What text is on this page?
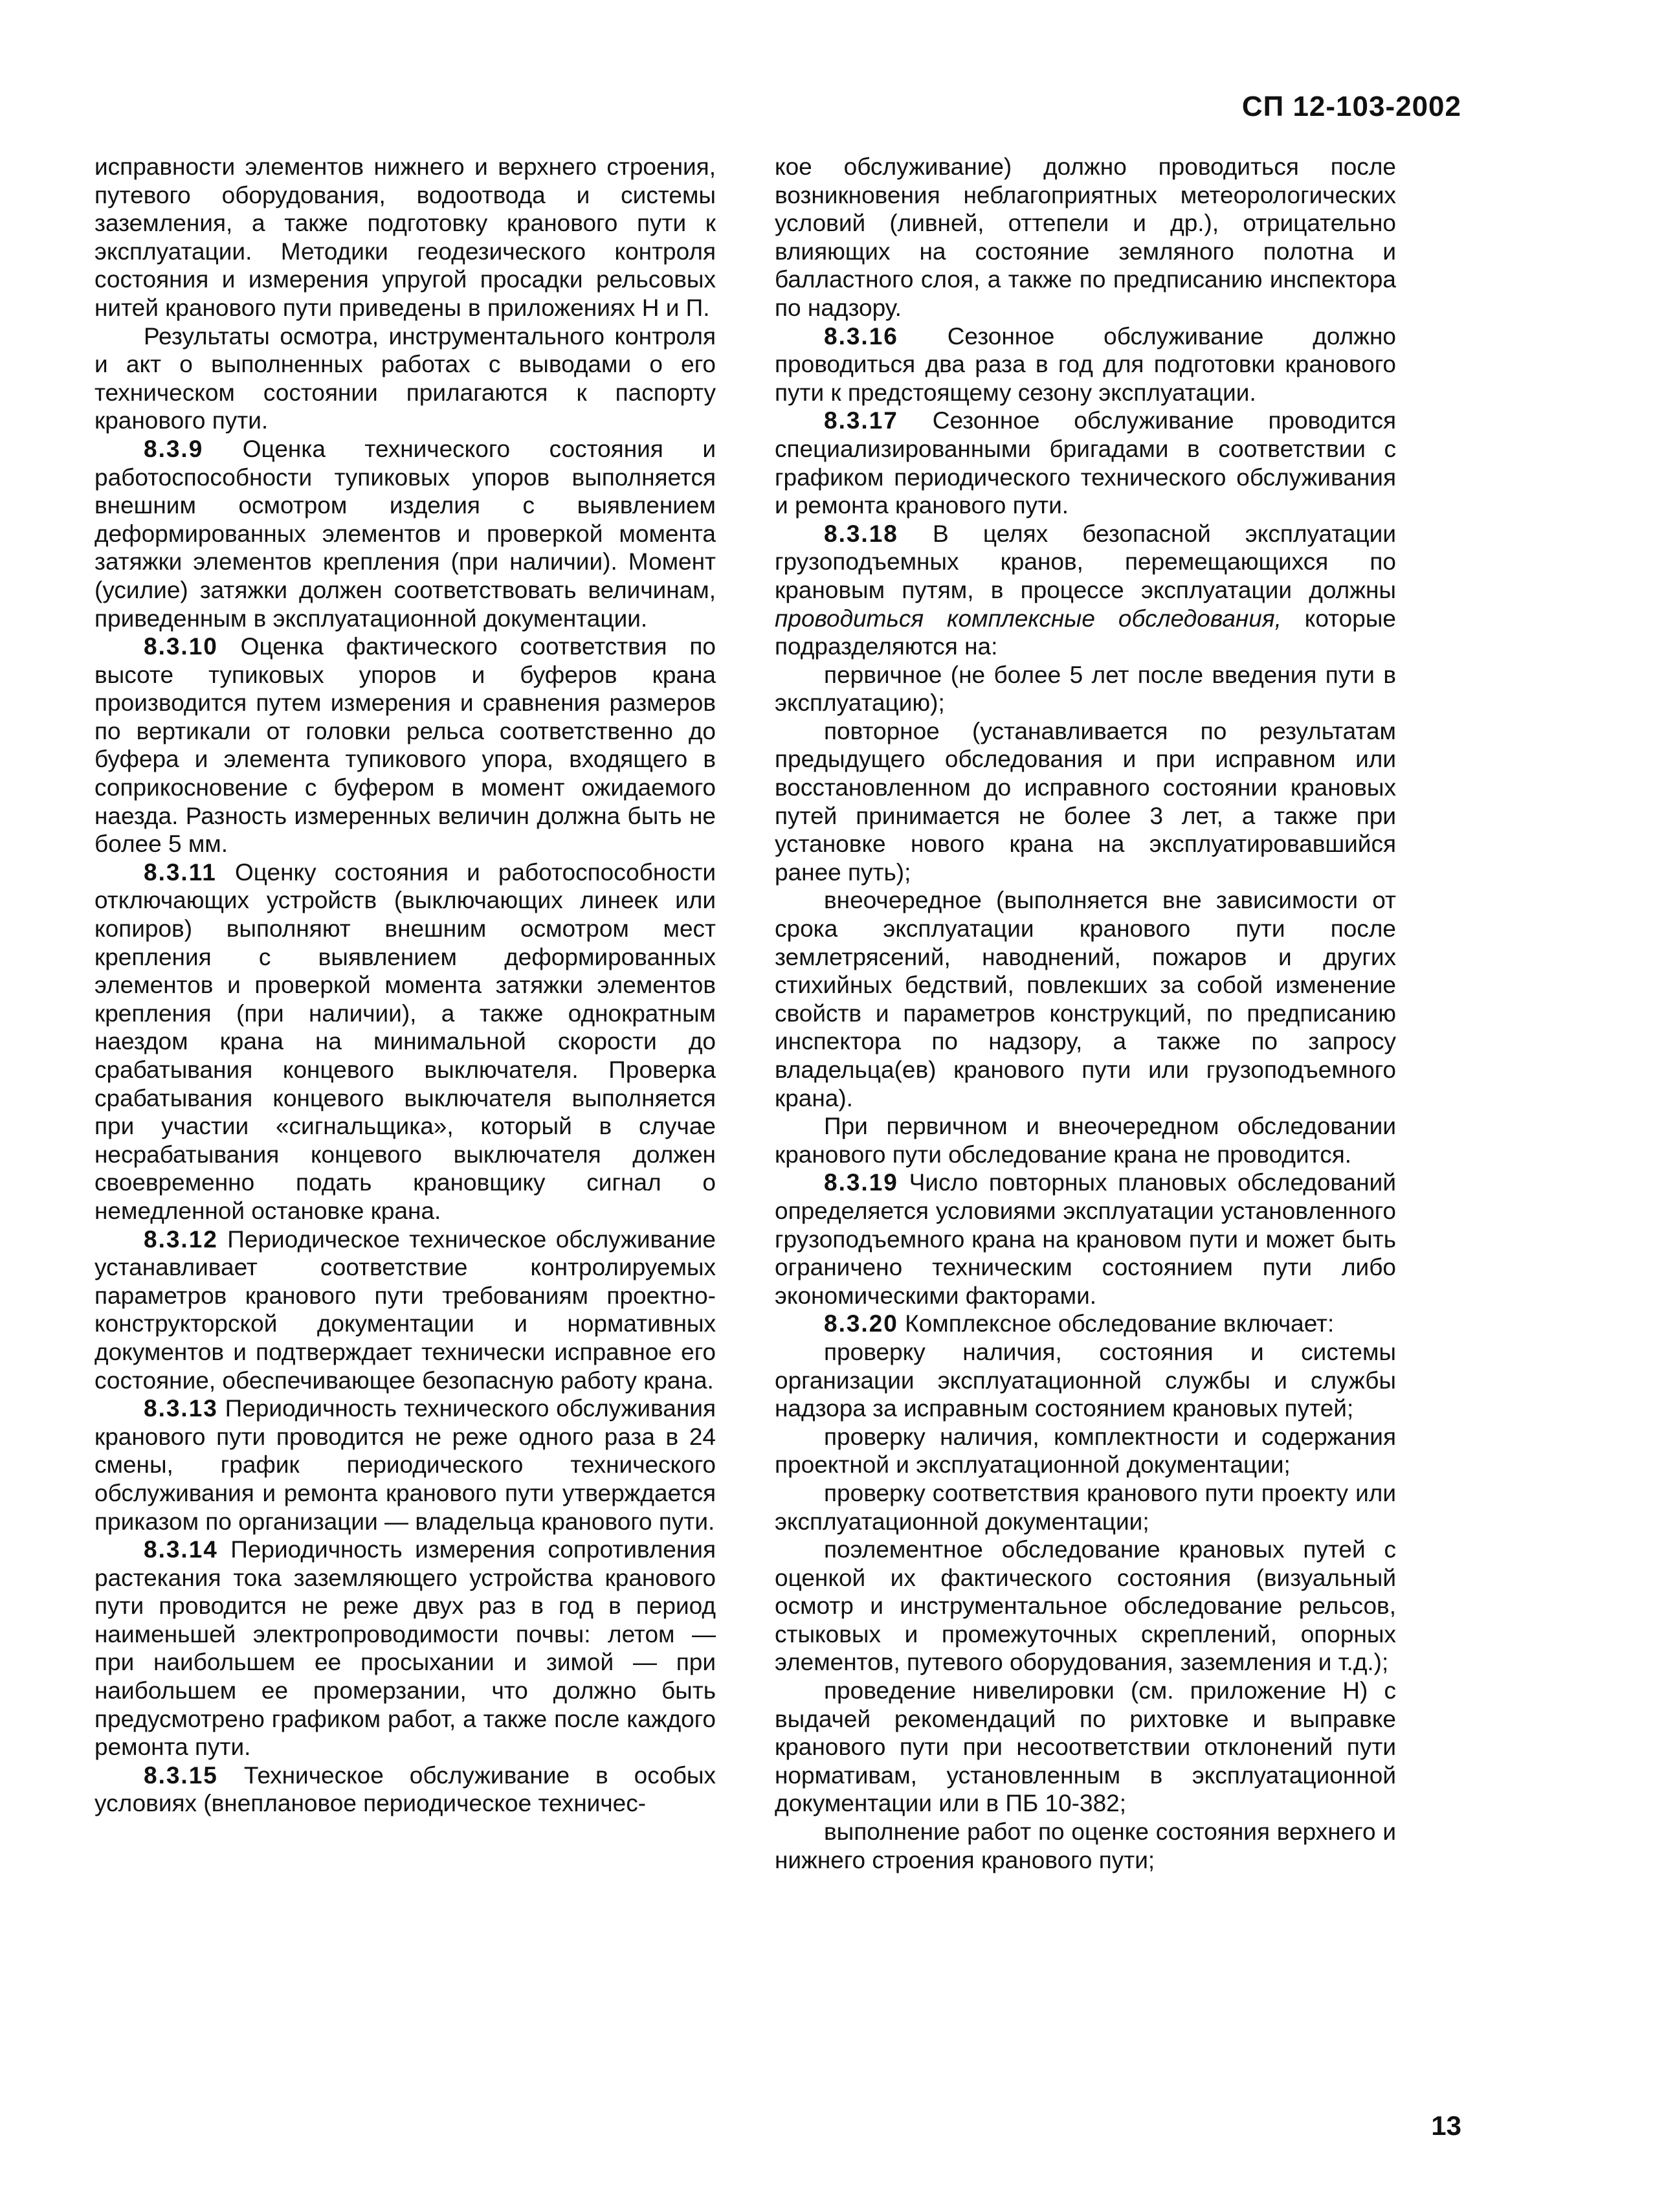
СП 12-103-2002

исправности элементов нижнего и верхнего строения, путевого оборудования, водоотвода и системы заземления, а также подготовку кранового пути к эксплуатации. Методики геодезического контроля состояния и измерения упругой просадки рельсовых нитей кранового пути приведены в приложениях Н и П.

Результаты осмотра, инструментального контроля и акт о выполненных работах с выводами о его техническом состоянии прилагаются к паспорту кранового пути.

8.3.9 Оценка технического состояния и работоспособности тупиковых упоров выполняется внешним осмотром изделия с выявлением деформированных элементов и проверкой момента затяжки элементов крепления (при наличии). Момент (усилие) затяжки должен соответствовать величинам, приведенным в эксплуатационной документации.

8.3.10 Оценка фактического соответствия по высоте тупиковых упоров и буферов крана производится путем измерения и сравнения размеров по вертикали от головки рельса соответственно до буфера и элемента тупикового упора, входящего в соприкосновение с буфером в момент ожидаемого наезда. Разность измеренных величин должна быть не более 5 мм.

8.3.11 Оценку состояния и работоспособности отключающих устройств (выключающих линеек или копиров) выполняют внешним осмотром мест крепления с выявлением деформированных элементов и проверкой момента затяжки элементов крепления (при наличии), а также однократным наездом крана на минимальной скорости до срабатывания концевого выключателя. Проверка срабатывания концевого выключателя выполняется при участии «сигнальщика», который в случае несрабатывания концевого выключателя должен своевременно подать крановщику сигнал о немедленной остановке крана.

8.3.12 Периодическое техническое обслуживание устанавливает соответствие контролируемых параметров кранового пути требованиям проектно-конструкторской документации и нормативных документов и подтверждает технически исправное его состояние, обеспечивающее безопасную работу крана.

8.3.13 Периодичность технического обслуживания кранового пути проводится не реже одного раза в 24 смены, график периодического технического обслуживания и ремонта кранового пути утверждается приказом по организации — владельца кранового пути.

8.3.14 Периодичность измерения сопротивления растекания тока заземляющего устройства кранового пути проводится не реже двух раз в год в период наименьшей электропроводимости почвы: летом — при наибольшем ее просыхании и зимой — при наибольшем ее промерзании, что должно быть предусмотрено графиком работ, а также после каждого ремонта пути.

8.3.15 Техническое обслуживание в особых условиях (внеплановое периодическое техничес-

кое обслуживание) должно проводиться после возникновения неблагоприятных метеорологических условий (ливней, оттепели и др.), отрицательно влияющих на состояние земляного полотна и балластного слоя, а также по предписанию инспектора по надзору.

8.3.16 Сезонное обслуживание должно проводиться два раза в год для подготовки кранового пути к предстоящему сезону эксплуатации.

8.3.17 Сезонное обслуживание проводится специализированными бригадами в соответствии с графиком периодического технического обслуживания и ремонта кранового пути.

8.3.18 В целях безопасной эксплуатации грузоподъемных кранов, перемещающихся по крановым путям, в процессе эксплуатации должны проводиться комплексные обследования, которые подразделяются на:

первичное (не более 5 лет после введения пути в эксплуатацию);

повторное (устанавливается по результатам предыдущего обследования и при исправном или восстановленном до исправного состоянии крановых путей принимается не более 3 лет, а также при установке нового крана на эксплуатировавшийся ранее путь);

внеочередное (выполняется вне зависимости от срока эксплуатации кранового пути после землетрясений, наводнений, пожаров и других стихийных бедствий, повлекших за собой изменение свойств и параметров конструкций, по предписанию инспектора по надзору, а также по запросу владельца(ев) кранового пути или грузоподъемного крана).

При первичном и внеочередном обследовании кранового пути обследование крана не проводится.

8.3.19 Число повторных плановых обследований определяется условиями эксплуатации установленного грузоподъемного крана на крановом пути и может быть ограничено техническим состоянием пути либо экономическими факторами.

8.3.20 Комплексное обследование включает:

проверку наличия, состояния и системы организации эксплуатационной службы и службы надзора за исправным состоянием крановых путей;

проверку наличия, комплектности и содержания проектной и эксплуатационной документации;

проверку соответствия кранового пути проекту или эксплуатационной документации;

поэлементное обследование крановых путей с оценкой их фактического состояния (визуальный осмотр и инструментальное обследование рельсов, стыковых и промежуточных скреплений, опорных элементов, путевого оборудования, заземления и т.д.);

проведение нивелировки (см. приложение Н) с выдачей рекомендаций по рихтовке и выправке кранового пути при несоответствии отклонений пути нормативам, установленным в эксплуатационной документации или в ПБ 10-382;

выполнение работ по оценке состояния верхнего и нижнего строения кранового пути;

13
